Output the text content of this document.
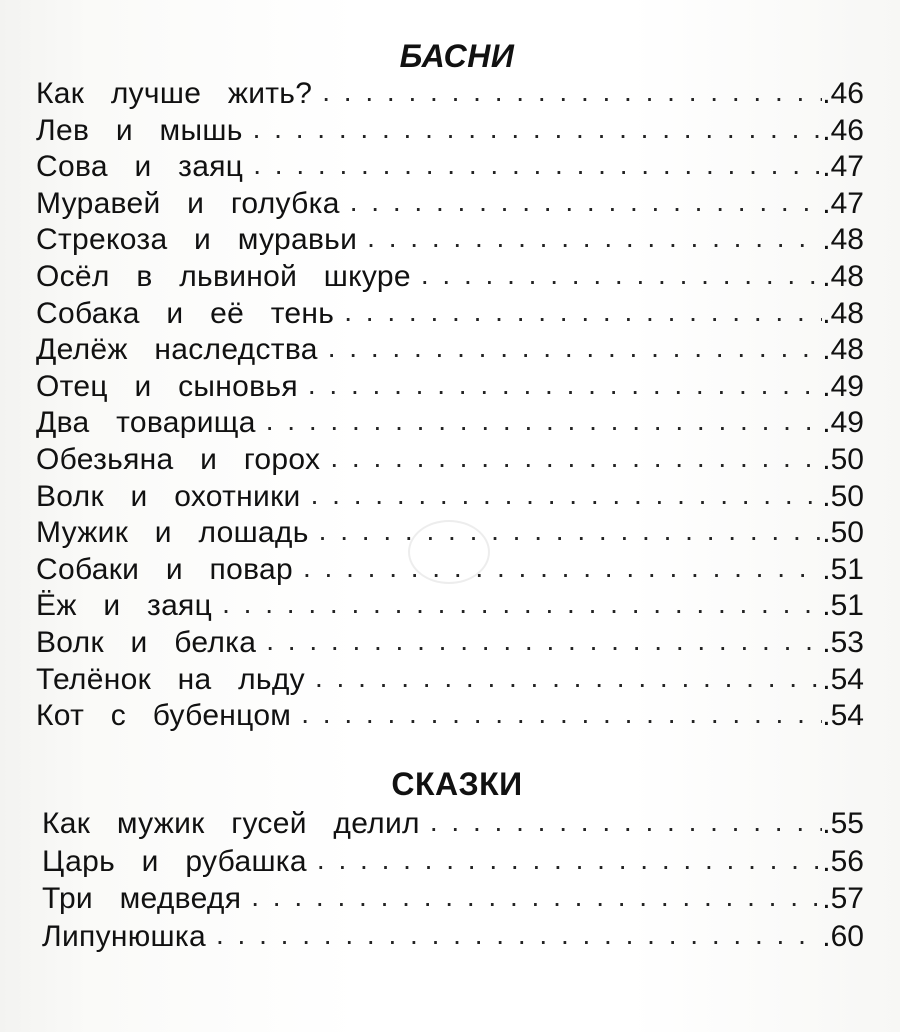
БАСНИ
Как лучше жить? . . .	.46
Лев и мышь . . .	.46
Сова и заяц . . .	.47
Муравей и голубка . . .	.47
Стрекоза и муравьи . . .	.48
Осёл в львиной шкуре . . .	.48
Собака и её тень . . .	.48
Делёж наследства . . .	.48
Отец и сыновья . . .	.49
Два товарища . . .	.49
Обезьяна и горох . . .	.50
Волк и охотники . . .	.50
Мужик и лошадь . . .	.50
Собаки и повар . . .	.51
Ёж и заяц . . .	.51
Волк и белка . . .	.53
Телёнок на льду . . .	.54
Кот с бубенцом . . .	.54
СКАЗКИ
Как мужик гусей делил . . .	.55
Царь и рубашка . . .	.56
Три медведя . . .	.57
Липунюшка . . .	.60
